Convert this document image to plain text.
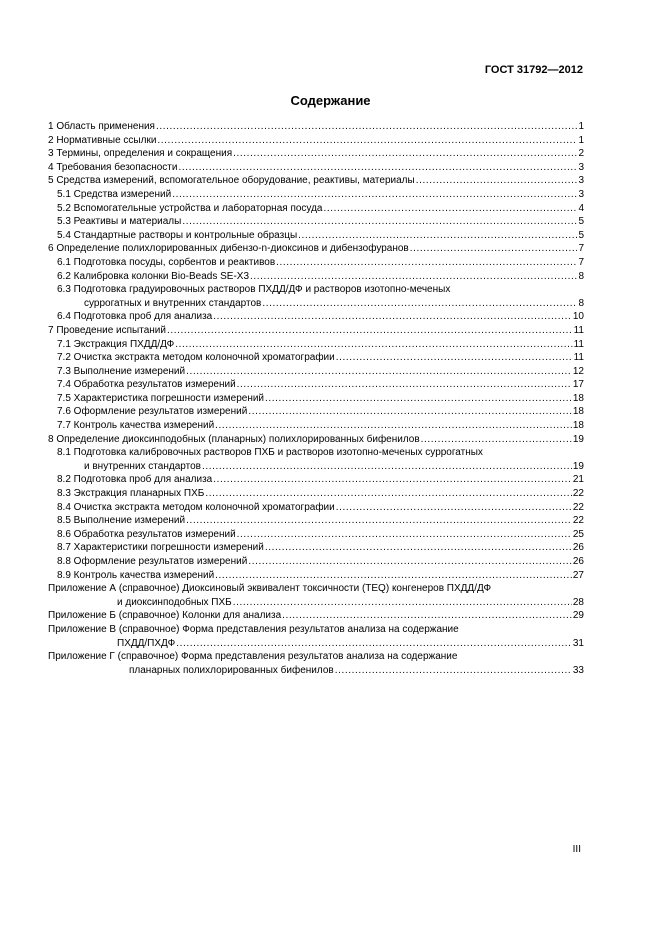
ГОСТ 31792—2012
Содержание
1 Область применения .....	1
2 Нормативные ссылки .....	1
3 Термины, определения и сокращения .....	2
4 Требования безопасности .....	3
5 Средства измерений, вспомогательное оборудование, реактивы, материалы .....	3
5.1 Средства измерений .....	3
5.2 Вспомогательные устройства и лабораторная посуда .....	4
5.3 Реактивы и материалы .....	5
5.4 Стандартные растворы и контрольные образцы .....	5
6 Определение полихлорированных дибензо-n-диоксинов и дибензофуранов .....	7
6.1 Подготовка посуды, сорбентов и реактивов .....	7
6.2 Калибровка колонки Bio-Beads SE-X3 .....	8
6.3 Подготовка градуировочных растворов ПХДД/ДФ и растворов изотопно-меченых
суррогатных и внутренних стандартов .....	8
6.4 Подготовка проб для анализа .....	10
7 Проведение испытаний .....	11
7.1 Экстракция ПХДД/ДФ .....	11
7.2 Очистка экстракта методом колоночной хроматографии .....	11
7.3 Выполнение измерений .....	12
7.4 Обработка результатов измерений .....	17
7.5 Характеристика погрешности измерений .....	18
7.6 Оформление результатов измерений .....	18
7.7 Контроль качества измерений .....	18
8 Определение диоксинподобных (планарных) полихлорированных бифенилов .....	19
8.1 Подготовка калибровочных растворов ПХБ и растворов изотопно-меченых суррогатных
и внутренних стандартов .....	19
8.2 Подготовка проб для анализа .....	21
8.3 Экстракция планарных ПХБ .....	22
8.4 Очистка экстракта методом колоночной хроматографии .....	22
8.5 Выполнение измерений .....	22
8.6 Обработка результатов измерений .....	25
8.7 Характеристики погрешности измерений .....	26
8.8 Оформление результатов измерений .....	26
8.9 Контроль качества измерений .....	27
Приложение А (справочное) Диоксиновый эквивалент токсичности (TEQ) конгенеров ПХДД/ДФ
и диоксинподобных ПХБ .....	28
Приложение Б (справочное) Колонки для анализа .....	29
Приложение В (справочное) Форма представления результатов анализа на содержание
ПХДД/ПХДФ .....	31
Приложение Г (справочное) Форма представления результатов анализа на содержание
планарных полихлорированных бифенилов .....	33
III
